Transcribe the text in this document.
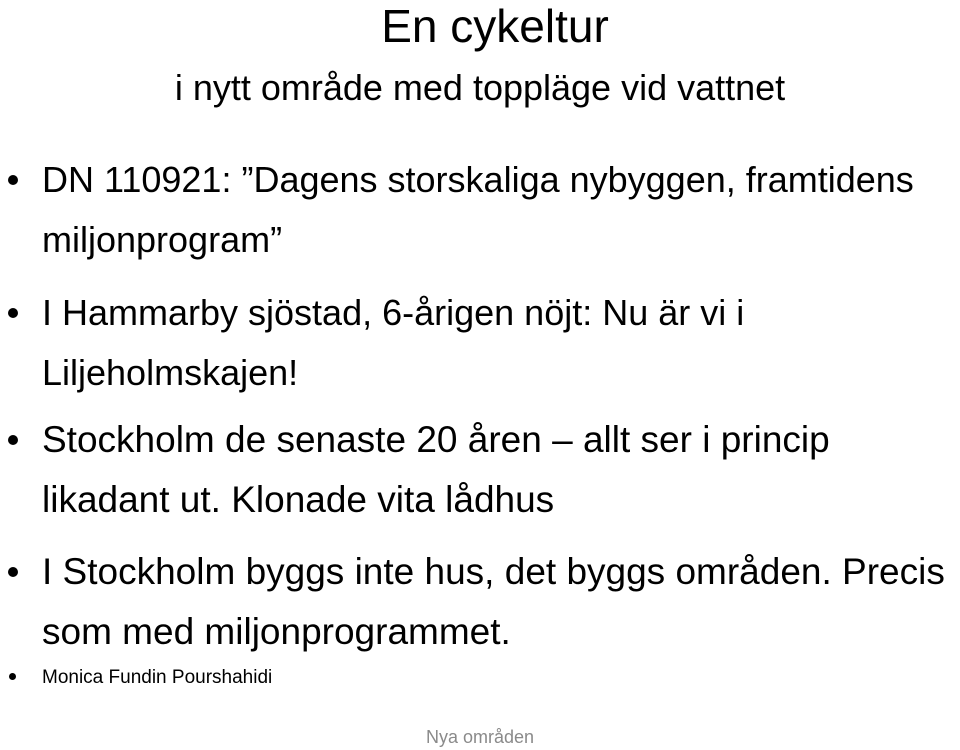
En cykeltur
i nytt område med toppläge vid vattnet
DN 110921: ”Dagens storskaliga nybyggen, framtidens miljonprogram”
I Hammarby sjöstad, 6-årigen nöjt: Nu är vi i Liljeholmskajen!
Stockholm de senaste 20 åren – allt ser i princip likadant ut. Klonade vita lådhus
I Stockholm byggs inte hus, det byggs områden. Precis som med miljonprogrammet.
Monica Fundin Pourshahidi
Nya områden
